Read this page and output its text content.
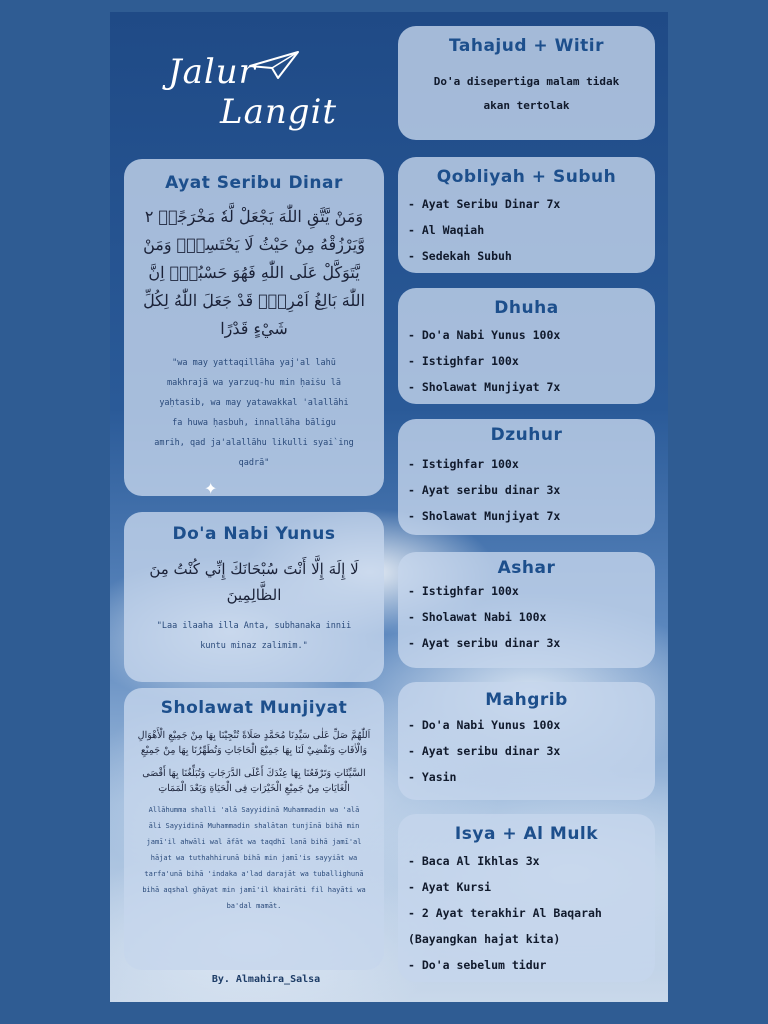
Jalur
Langit
Ayat Seribu Dinar
وَمَنْ يَّتَّقِ اللّٰهَ يَجْعَلْ لَّهٗ مَخْرَجًاۙ ٢ وَّيَرْزُقْهُ مِنْ حَيْثُ لَا يَحْتَسِبُۗ وَمَنْ يَّتَوَكَّلْ عَلَى اللّٰهِ فَهُوَ حَسْبُهٗۗ اِنَّ اللّٰهَ بَالِغُ اَمْرِهٖۗ قَدْ جَعَلَ اللّٰهُ لِكُلِّ شَيْءٍ قَدْرًا
"wa may yattaqillāha yaj'al lahū
makhrajā wa yarzuq-hu min ḥaiṡu lā
yaḥtasib, wa may yatawakkal 'alallāhi
fa huwa ḥasbuh, innallāha bāligu
amrih, qad ja'alallāhu likulli syai`ing
qadrā"
✦
Do'a Nabi Yunus
لَا إِلَهَ إِلَّا أَنْتَ سُبْحَانَكَ إِنِّي كُنْتُ مِنَ الظَّالِمِينَ
"Laa ilaaha illa Anta, subhanaka innii
kuntu minaz zalimim."
Sholawat Munjiyat
اَللّٰهُمَّ صَلِّ عَلٰى سَيِّدِنَا مُحَمَّدٍ صَلَاةً تُنْجِيْنَا بِهَا مِنْ جَمِيْعِ الْأَهْوَالِ وَالْاٰفَاتِ وَتَقْضِيْ لَنَا بِهَا جَمِيْعَ الْحَاجَاتِ وَتُطَهِّرُنَا بِهَا مِنْ جَمِيْعِ
السَّيِّئَاتِ وَتَرْفَعُنَا بِهَا عِنْدَكَ أَعْلَى الدَّرَجَاتِ وَتُبَلِّغُنَا بِهَا أَقْصَى الْغَايَاتِ مِنْ جَمِيْعِ الْخَيْرَاتِ فِى الْحَيَاةِ وَبَعْدَ الْمَمَاتِ
Allāhumma shalli 'alā Sayyidinā Muhammadin wa 'alā
āli Sayyidinā Muhammadin shalātan tunjīnā bihā min
jamī'il ahwāli wal āfāt wa taqdhī lanā bihā jamī'al
hājat wa tuthahhirunā bihā min jamī'is sayyiāt wa
tarfa'unā bihā 'indaka a'lad darajāt wa tuballighunā
bihā aqshal ghāyat min jamī'il khairāti fil hayāti wa
ba'dal mamāt.
By. Almahira_Salsa
Tahajud + Witir
Do'a disepertiga malam tidak
akan tertolak
Qobliyah + Subuh
- Ayat Seribu Dinar 7x
- Al Waqiah
- Sedekah Subuh
Dhuha
- Do'a Nabi Yunus 100x
- Istighfar 100x
- Sholawat Munjiyat 7x
Dzuhur
- Istighfar 100x
- Ayat seribu dinar 3x
- Sholawat Munjiyat 7x
Ashar
- Istighfar 100x
- Sholawat Nabi 100x
- Ayat seribu dinar 3x
Mahgrib
- Do'a Nabi Yunus 100x
- Ayat seribu dinar 3x
- Yasin
Isya + Al Mulk
- Baca Al Ikhlas 3x
- Ayat Kursi
- 2 Ayat terakhir Al Baqarah
(Bayangkan hajat kita)
- Do'a sebelum tidur
